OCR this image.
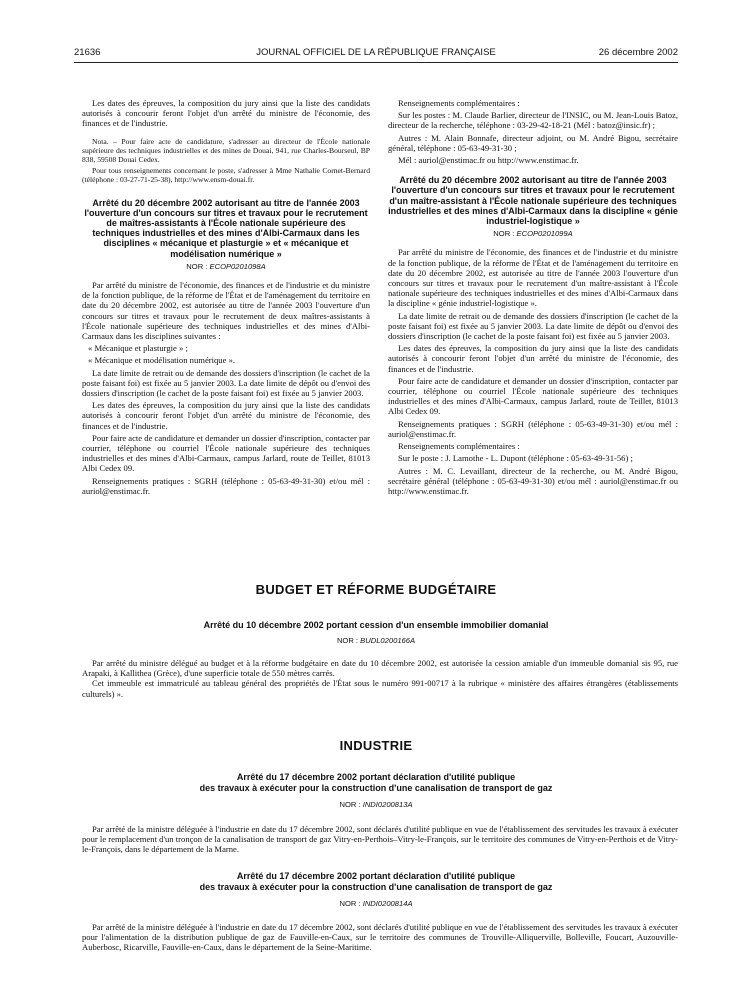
21636	JOURNAL OFFICIEL DE LA RÉPUBLIQUE FRANÇAISE	26 décembre 2002

Les dates des épreuves, la composition du jury ainsi que la liste des candidats autorisés à concourir feront l'objet d'un arrêté du ministre de l'économie, des finances et de l'industrie.

Nota. – Pour faire acte de candidature, s'adresser au directeur de l'École nationale supérieure des techniques industrielles et des mines de Douai, 941, rue Charles-Bourseul, BP 838, 59508 Douai Cedex.

Pour tous renseignements concernant le poste, s'adresser à Mme Nathalie Cornet-Bernard (téléphone : 03-27-71-25-38), http://www.ensm-douai.fr.

Arrêté du 20 décembre 2002 autorisant au titre de l'année 2003 l'ouverture d'un concours sur titres et travaux pour le recrutement de maîtres-assistants à l'École nationale supérieure des techniques industrielles et des mines d'Albi-Carmaux dans les disciplines « mécanique et plasturgie » et « mécanique et modélisation numérique »
NOR : ECOP0201098A

Par arrêté du ministre de l'économie, des finances et de l'industrie et du ministre de la fonction publique, de la réforme de l'État et de l'aménagement du territoire en date du 20 décembre 2002, est autorisée au titre de l'année 2003 l'ouverture d'un concours sur titres et travaux pour le recrutement de deux maîtres-assistants à l'École nationale supérieure des techniques industrielles et des mines d'Albi-Carmaux dans les disciplines suivantes :

« Mécanique et plasturgie » ;

« Mécanique et modélisation numérique ».

La date limite de retrait ou de demande des dossiers d'inscription (le cachet de la poste faisant foi) est fixée au 5 janvier 2003. La date limite de dépôt ou d'envoi des dossiers d'inscription (le cachet de la poste faisant foi) est fixée au 5 janvier 2003.

Les dates des épreuves, la composition du jury ainsi que la liste des candidats autorisés à concourir feront l'objet d'un arrêté du ministre de l'économie, des finances et de l'industrie.

Pour faire acte de candidature et demander un dossier d'inscription, contacter par courrier, téléphone ou courriel l'École nationale supérieure des techniques industrielles et des mines d'Albi-Carmaux, campus Jarlard, route de Teillet, 81013 Albi Cedex 09.

Renseignements pratiques : SGRH (téléphone : 05-63-49-31-30) et/ou mél : auriol@enstimac.fr.

Renseignements complémentaires :

Sur les postes : M. Claude Barlier, directeur de l'INSIC, ou M. Jean-Louis Batoz, directeur de la recherche, téléphone : 03-29-42-18-21 (Mél : batoz@insic.fr) ;

Autres : M. Alain Bonnafe, directeur adjoint, ou M. André Bigou, secrétaire général, téléphone : 05-63-49-31-30 ;

Mél : auriol@enstimac.fr ou http://www.enstimac.fr.

Arrêté du 20 décembre 2002 autorisant au titre de l'année 2003 l'ouverture d'un concours sur titres et travaux pour le recrutement d'un maître-assistant à l'École nationale supérieure des techniques industrielles et des mines d'Albi-Carmaux dans la discipline « génie industriel-logistique »
NOR : ECOP0201099A

Par arrêté du ministre de l'économie, des finances et de l'industrie et du ministre de la fonction publique, de la réforme de l'État et de l'aménagement du territoire en date du 20 décembre 2002, est autorisée au titre de l'année 2003 l'ouverture d'un concours sur titres et travaux pour le recrutement d'un maître-assistant à l'École nationale supérieure des techniques industrielles et des mines d'Albi-Carmaux dans la discipline « génie industriel-logistique ».

La date limite de retrait ou de demande des dossiers d'inscription (le cachet de la poste faisant foi) est fixée au 5 janvier 2003. La date limite de dépôt ou d'envoi des dossiers d'inscription (le cachet de la poste faisant foi) est fixée au 5 janvier 2003.

Les dates des épreuves, la composition du jury ainsi que la liste des candidats autorisés à concourir feront l'objet d'un arrêté du ministre de l'économie, des finances et de l'industrie.

Pour faire acte de candidature et demander un dossier d'inscription, contacter par courrier, téléphone ou courriel l'École nationale supérieure des techniques industrielles et des mines d'Albi-Carmaux, campus Jarlard, route de Teillet, 81013 Albi Cedex 09.

Renseignements pratiques : SGRH (téléphone : 05-63-49-31-30) et/ou mél : auriol@enstimac.fr.

Renseignements complémentaires :

Sur le poste : J. Lamothe - L. Dupont (téléphone : 05-63-49-31-56) ;

Autres : M. C. Levaillant, directeur de la recherche, ou M. André Bigou, secrétaire général (téléphone : 05-63-49-31-30) et/ou mél : auriol@enstimac.fr ou http://www.enstimac.fr.

BUDGET ET RÉFORME BUDGÉTAIRE
Arrêté du 10 décembre 2002 portant cession d'un ensemble immobilier domanial
NOR : BUDL0200166A

Par arrêté du ministre délégué au budget et à la réforme budgétaire en date du 10 décembre 2002, est autorisée la cession amiable d'un immeuble domanial sis 95, rue Arapaki, à Kallithea (Grèce), d'une superficie totale de 550 mètres carrés.

Cet immeuble est immatriculé au tableau général des propriétés de l'État sous le numéro 991-00717 à la rubrique « ministère des affaires étrangères (établissements culturels) ».

INDUSTRIE
Arrêté du 17 décembre 2002 portant déclaration d'utilité publique
des travaux à exécuter pour la construction d'une canalisation de transport de gaz
NOR : INDI0200813A

Par arrêté de la ministre déléguée à l'industrie en date du 17 décembre 2002, sont déclarés d'utilité publique en vue de l'établissement des servitudes les travaux à exécuter pour le remplacement d'un tronçon de la canalisation de transport de gaz Vitry-en-Perthois–Vitry-le-François, sur le territoire des communes de Vitry-en-Perthois et de Vitry-le-François, dans le département de la Marne.

Arrêté du 17 décembre 2002 portant déclaration d'utilité publique
des travaux à exécuter pour la construction d'une canalisation de transport de gaz
NOR : INDI0200814A

Par arrêté de la ministre déléguée à l'industrie en date du 17 décembre 2002, sont déclarés d'utilité publique en vue de l'établissement des servitudes les travaux à exécuter pour l'alimentation de la distribution publique de gaz de Fauville-en-Caux, sur le territoire des communes de Trouville-Alliquerville, Bolleville, Foucart, Auzouville-Auberbosc, Ricarville, Fauville-en-Caux, dans le département de la Seine-Maritime.
